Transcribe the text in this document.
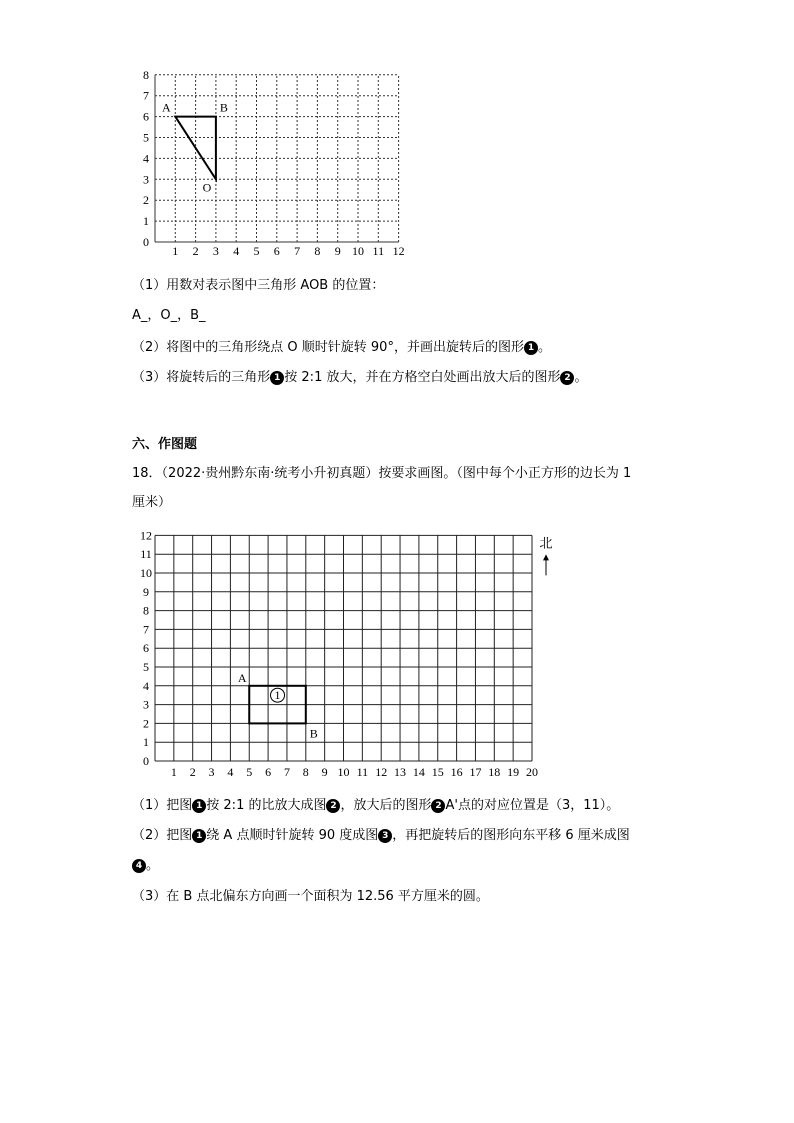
1 2 3 4 5 6 7 8 9 10 11 12
0
1
2
3
4
5
6
7
8
A	B
O
（1）用数对表示图中三角形 AOB 的位置：
A_，O_，B_
（2）将图中的三角形绕点 O 顺时针旋转 90°，并画出旋转后的图形 1 。
（3）将旋转后的三角形 1 按 2:1 放大，并在方格空白处画出放大后的图形 2 。
六、作图题
18．（2022·贵州黔东南·统考小升初真题）按要求画图。（图中每个小正方形的边长为 1
厘米）
1 2 3 4 5 6 7 8 9 10 11 12 13 14 15 16 17 18 19 20
0
1
2
3
4
5
6
7
8
9
10
11
12
1
A
B
北
（1）把图 1 按 2:1 的比放大成图 2 ，放大后的图形 2 A'点的对应位置是（3，11）。
（2）把图 1 绕 A 点顺时针旋转 90 度成图 3 ，再把旋转后的图形向东平移 6 厘米成图
4 。
（3）在 B 点北偏东方向画一个面积为 12.56 平方厘米的圆。
